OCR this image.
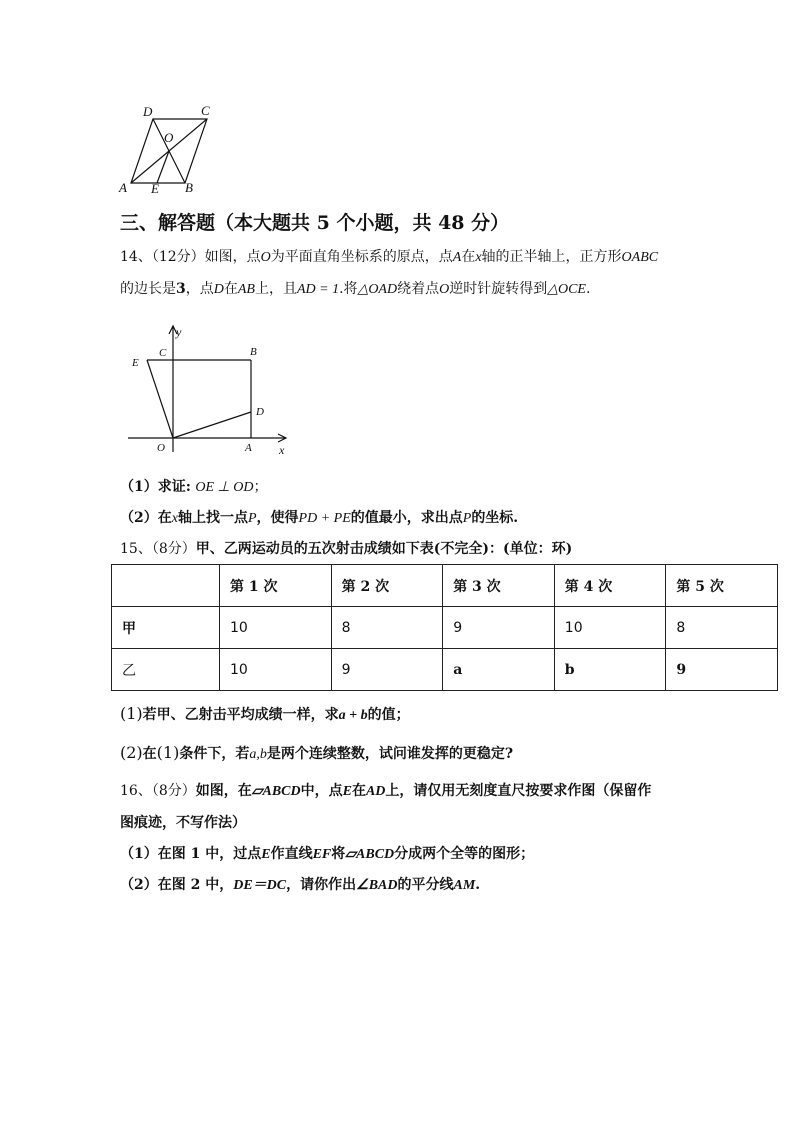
D	C
O
A E B
三、解答题（本大题共 5 个小题，共 48 分）
14、（12分）如图，点O为平面直角坐标系的原点，点A在x轴的正半轴上，正方形OABC
的边长是3，点D在AB上，且AD = 1.将△OAD绕着点O逆时针旋转得到△OCE.
y
x
C	B
E
D
O	A
（1）求证: OE ⊥ OD；
（2）在x轴上找一点P，使得PD + PE的值最小，求出点P的坐标.
15、（8分）甲、乙两运动员的五次射击成绩如下表(不完全)：(单位：环)
	第 1 次	第 2 次	第 3 次	第 4 次	第 5 次
甲	10	8	9	10	8
乙	10	9	a	b	9
(1)若甲、乙射击平均成绩一样，求a + b的值；
(2)在(1)条件下，若a,b是两个连续整数，试问谁发挥的更稳定?
16、（8分）如图，在▱ABCD中，点E在AD上，请仅用无刻度直尺按要求作图（保留作
图痕迹，不写作法）
（1）在图 1 中，过点E作直线EF将▱ABCD分成两个全等的图形；
（2）在图 2 中，DE＝DC，请你作出∠BAD的平分线AM.
